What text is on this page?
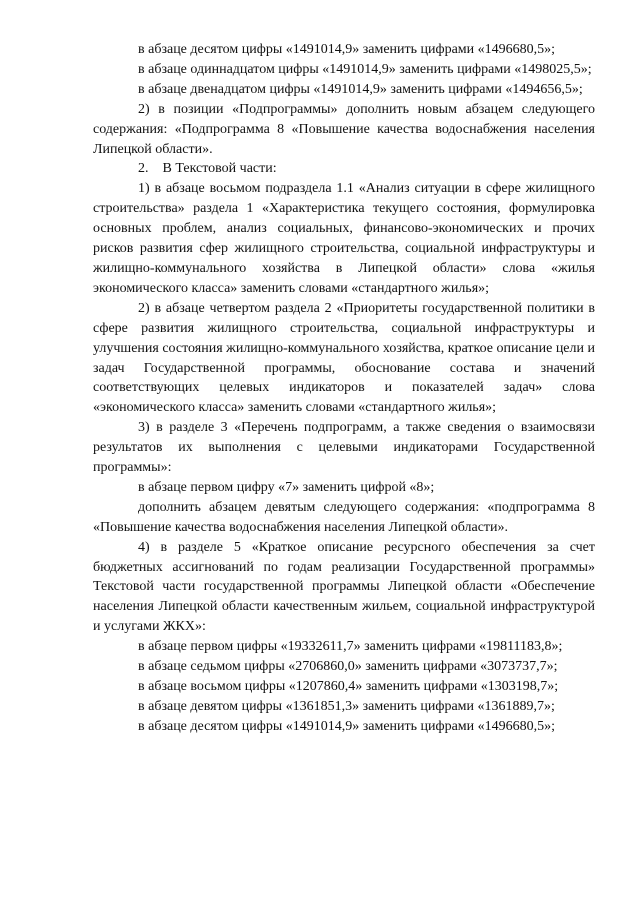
в абзаце десятом цифры «1491014,9» заменить цифрами «1496680,5»;

в абзаце одиннадцатом цифры «1491014,9» заменить цифрами «1498025,5»;

в абзаце двенадцатом цифры «1491014,9» заменить цифрами «1494656,5»;

2) в позиции «Подпрограммы» дополнить новым абзацем следующего содержания: «Подпрограмма 8 «Повышение качества водоснабжения населения Липецкой области».

2.    В Текстовой части:

1) в абзаце восьмом подраздела 1.1 «Анализ ситуации в сфере жилищного строительства» раздела 1 «Характеристика текущего состояния, формулировка основных проблем, анализ социальных, финансово-экономических и прочих рисков развития сфер жилищного строительства, социальной инфраструктуры и жилищно-коммунального хозяйства в Липецкой области» слова «жилья экономического класса» заменить словами «стандартного жилья»;

2) в абзаце четвертом раздела 2 «Приоритеты государственной политики в сфере развития жилищного строительства, социальной инфраструктуры и улучшения состояния жилищно-коммунального хозяйства, краткое описание цели и задач Государственной программы, обоснование состава и значений соответствующих целевых индикаторов и показателей задач» слова «экономического класса» заменить словами «стандартного жилья»;

3) в разделе 3 «Перечень подпрограмм, а также сведения о взаимосвязи результатов их выполнения с целевыми индикаторами Государственной программы»:

в абзаце первом цифру «7» заменить цифрой «8»;

дополнить абзацем девятым следующего содержания: «подпрограмма 8 «Повышение качества водоснабжения населения Липецкой области».

4) в разделе 5 «Краткое описание ресурсного обеспечения за счет бюджетных ассигнований по годам реализации Государственной программы» Текстовой части государственной программы Липецкой области «Обеспечение населения Липецкой области качественным жильем, социальной инфраструктурой и услугами ЖКХ»:

в абзаце первом цифры «19332611,7» заменить цифрами «19811183,8»;

в абзаце седьмом цифры «2706860,0» заменить цифрами «3073737,7»;

в абзаце восьмом цифры «1207860,4» заменить цифрами «1303198,7»;

в абзаце девятом цифры «1361851,3» заменить цифрами «1361889,7»;

в абзаце десятом цифры «1491014,9» заменить цифрами «1496680,5»;
